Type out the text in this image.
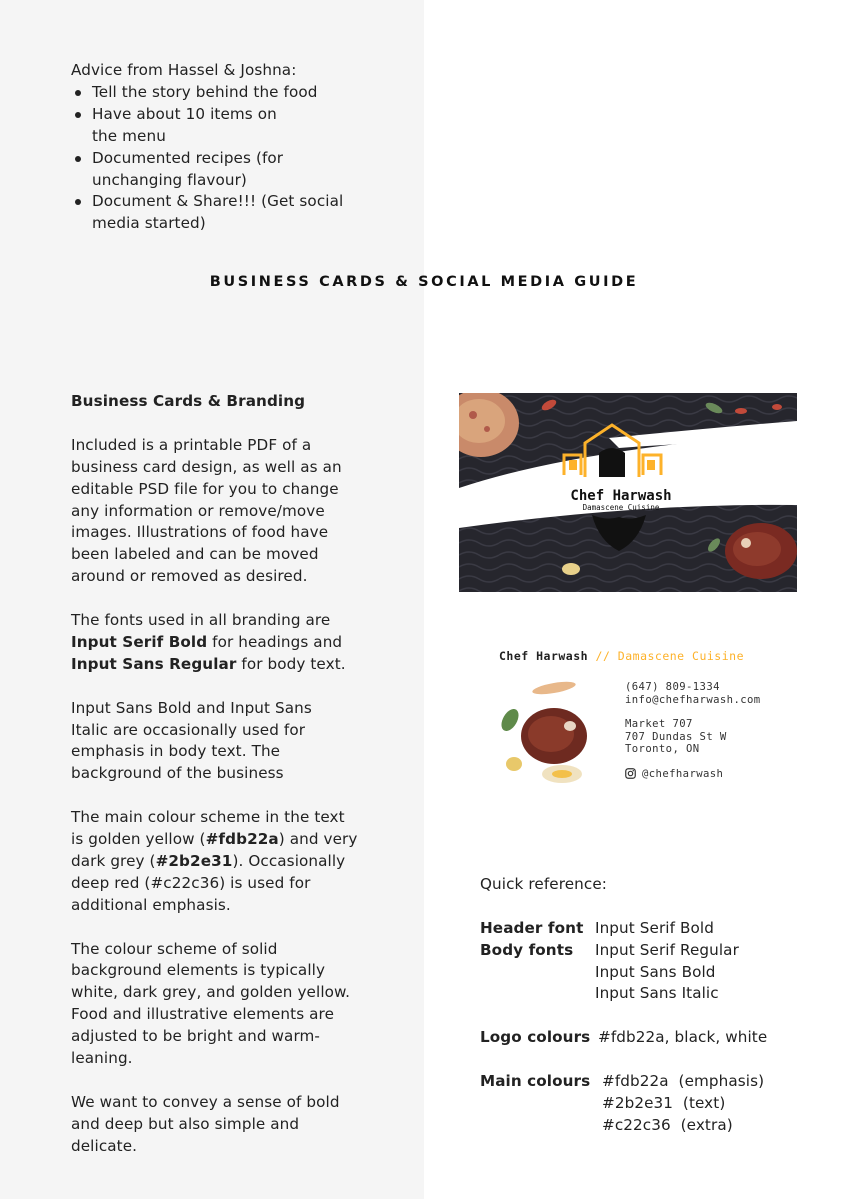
Advice from Hassel & Joshna:
Tell the story behind the food
Have about 10 items on
the menu
Documented recipes (for
unchanging flavour)
Document & Share!!! (Get social
media started)
BUSINESS CARDS & SOCIAL MEDIA GUIDE
Business Cards & Branding

Included is a printable PDF of a
business card design, as well as an
editable PSD file for you to change
any information or remove/move
images. Illustrations of food have
been labeled and can be moved
around or removed as desired.

The fonts used in all branding are
Input Serif Bold for headings and
Input Sans Regular for body text.

Input Sans Bold and Input Sans
Italic are occasionally used for
emphasis in body text. The
background of the business

The main colour scheme in the text
is golden yellow (#fdb22a) and very
dark grey (#2b2e31). Occasionally
deep red (#c22c36) is used for
additional emphasis.

The colour scheme of solid
background elements is typically
white, dark grey, and golden yellow.
Food and illustrative elements are
adjusted to be bright and warm-
leaning.

We want to convey a sense of bold
and deep but also simple and
delicate.

Chef Harwash
Damascene Cuisine
Chef Harwash // Damascene Cuisine
(647) 809-1334
info@chefharwash.com
Market 707
707 Dundas St W
Toronto, ON
@chefharwash
Quick reference:
Header font Input Serif Bold
Body fonts Input Serif Regular
Input Sans Bold
Input Sans Italic
Logo colours #fdb22a, black, white
Main colours #fdb22a  (emphasis)
#2b2e31  (text)
#c22c36  (extra)
